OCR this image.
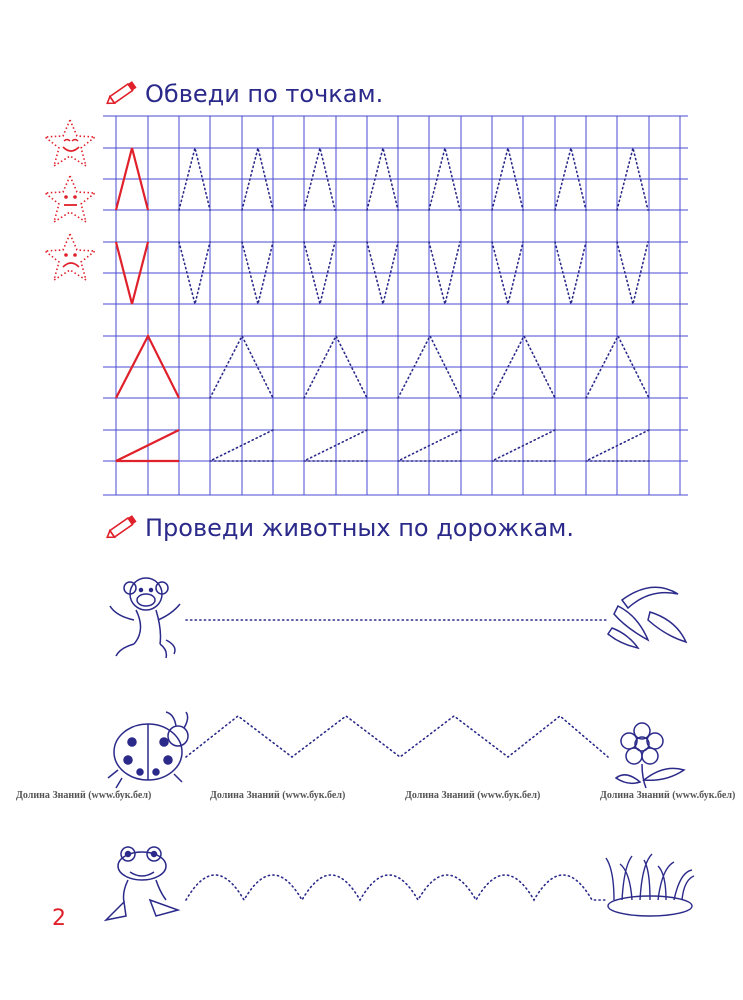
Обведи по точкам.
Проведи животных по дорожкам.
Долина Знаний (www.бук.бел)	Долина Знаний (www.бук.бел)	Долина Знаний (www.бук.бел)	Долина Знаний (www.бук.бел)
2
